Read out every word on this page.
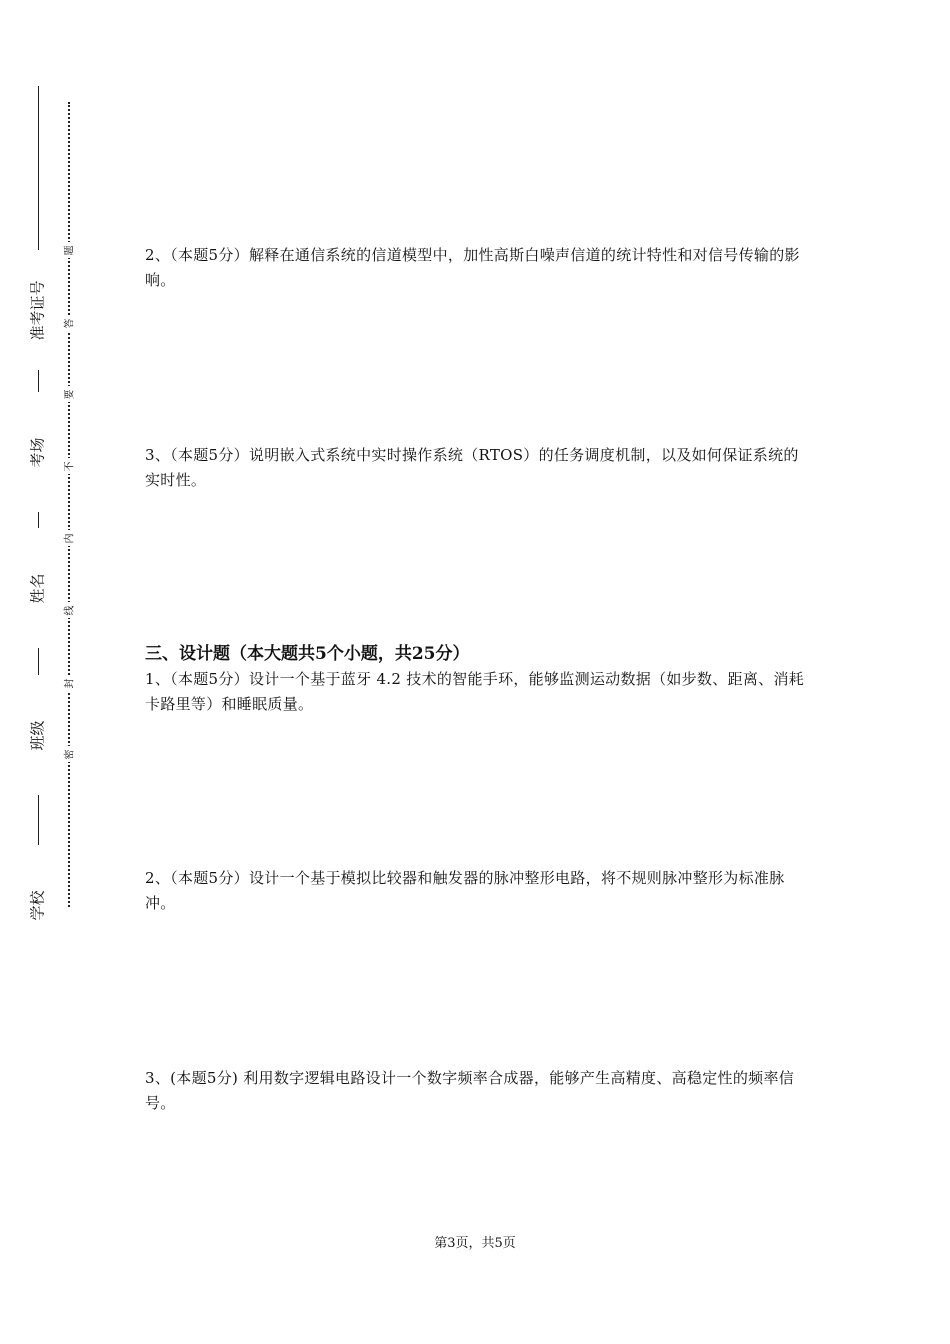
准考证号
考场
姓名
班级
学校
题
答
要
不
内
线
封
密
2、（本题5分）解释在通信系统的信道模型中，加性高斯白噪声信道的统计特性和对信号传输的影响。
3、（本题5分）说明嵌入式系统中实时操作系统（RTOS）的任务调度机制，以及如何保证系统的实时性。
三、设计题（本大题共5个小题，共25分）
1、（本题5分）设计一个基于蓝牙 4.2 技术的智能手环，能够监测运动数据（如步数、距离、消耗卡路里等）和睡眠质量。
2、（本题5分）设计一个基于模拟比较器和触发器的脉冲整形电路，将不规则脉冲整形为标准脉冲。
3、(本题5分) 利用数字逻辑电路设计一个数字频率合成器，能够产生高精度、高稳定性的频率信号。
第3页，共5页
